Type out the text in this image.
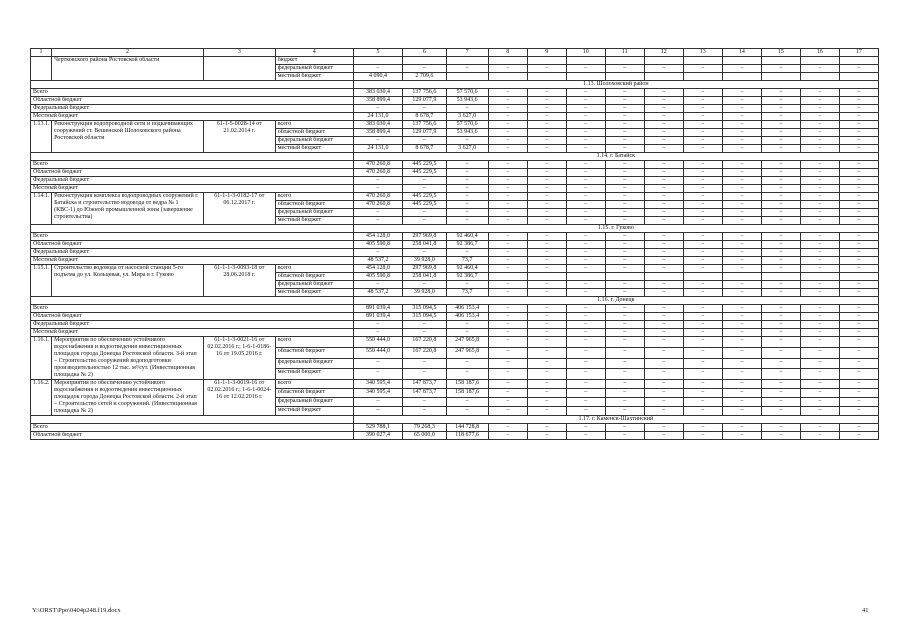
1	2	3	4	5	6	7	8	9	10	11	12	13	14	15	16	17
	Чертковского района Ростовской области		бюджет													
			федеральный бюджет	–	–	–	–	–	–	–	–	–	–	–	–	–
			местный бюджет	4 090,4	2 709,6											
				1.13. Шолоховский район												
Всего				383 030,4	137 756,6	57 570,6	–	–	–	–	–	–	–	–	–	–
Областной бюджет				358 899,4	129 077,9	53 943,6	–	–	–	–	–	–	–	–	–	–
Федеральный бюджет				–	–	–	–	–	–	–	–	–	–	–	–	–
Местный бюджет				24 131,0	8 678,7	3 627,0	–	–	–	–	–	–	–	–	–	–
1.13.1.	Реконструкция водопроводной сети и подкачивающих сооружений ст. Вешенской Шолоховского района Ростовской области	61-1-5-0028-14 от 21.02.2014 г.	всего	383 030,4	137 756,6	57 570,6	–	–	–	–	–	–	–	–	–	–
			областной бюджет	358 899,4	129 077,9	53 943,6	–	–	–	–	–	–	–	–	–	–
			федеральный бюджет	–	–	–	–	–	–	–	–	–	–	–	–	–
			местный бюджет	24 131,0	8 678,7	3 627,0	–	–	–	–	–	–	–	–	–	–
				1.14. г. Батайск												
Всего				470 260,8	445 229,5	–	–	–	–	–	–	–	–	–	–	–
Областной бюджет				470 260,8	445 229,5	–	–	–	–	–	–	–	–	–	–	–
Федеральный бюджет				–	–	–	–	–	–	–	–	–	–	–	–	–
Местный бюджет				–	–	–	–	–	–	–	–	–	–	–	–	–
1.14.1.	Реконструкция комплекса водопроводных сооружений г. Батайска и строительство водовода от ведра № 1 (КВС-1) до Южной промышленной зоны (завершение строительства)	61-1-1-3-0182-17 от 06.12.2017 г.	всего	470 260,8	445 229,5	–	–	–	–	–	–	–	–	–	–	–
			областной бюджет	470 260,8	445 229,5	–	–	–	–	–	–	–	–	–	–	–
			федеральный бюджет	–	–	–	–	–	–	–	–	–	–	–	–	–
			местный бюджет	–	–	–	–	–	–	–	–	–	–	–	–	–
				1.15. г. Гуково												
Всего				454 128,0	297 969,8	92 460,4	–	–	–	–	–	–	–	–	–	–
Областной бюджет				405 590,8	258 041,8	92 386,7	–	–	–	–	–	–	–	–	–	–
Федеральный бюджет				–	–	–	–	–	–	–	–	–	–	–	–	–
Местный бюджет				48 537,2	39 928,0	73,7	–	–	–	–	–	–	–	–	–	–
1.15.1.	Строительство водовода от насосной станции 5-го подъема до ул. Кольцевая, ул. Мира в г. Гуково	61-1-1-3-0093-18 от 28.06.2018 г.	всего	454 128,0	297 969,8	92 460,4	–	–	–	–	–	–	–	–	–	–
			областной бюджет	405 590,8	258 041,8	92 386,7										
			федеральный бюджет	–	–	–	–	–	–	–	–	–	–	–	–	–
			местный бюджет	48 537,2	39 928,0	73,7	–	–	–	–	–	–	–	–	–	–
				1.16. г. Донецк												
Всего				891 039,4	315 094,5	406 153,4	–	–	–	–	–	–	–	–	–	–
Областной бюджет				891 039,4	315 094,5	406 153,4	–	–	–	–	–	–	–	–	–	–
Федеральный бюджет				–	–	–	–	–	–	–	–	–	–	–	–	–
Местный бюджет				–	–	–	–	–	–	–	–	–	–	–	–	–
1.16.1.	Мероприятия по обеспечению устойчивого водоснабжения и водоотведения инвестиционных площадок города Донецка Ростовской области. 3-й этап – Строительство сооружений водоподготовки производительностью 12 тыс. м³/сут. (Инвестиционная площадка № 2)	61-1-1-3-0021-16 от 02.02.2016 г.; 1-6-1-0186-16 от 19.05.2016 г.	всего	550 444,0	167 220,8	247 965,8	–	–	–	–	–	–	–	–	–	–
			областной бюджет	550 444,0	167 220,8	247 965,8	–	–	–	–	–	–	–	–	–	–
			федеральный бюджет	–	–	–	–	–	–	–	–	–	–	–	–	–
			местный бюджет	–	–	–	–	–	–	–	–	–	–	–	–	–
1.16.2.	Мероприятия по обеспечению устойчивого водоснабжения и водоотведения инвестиционных площадок города Донецка Ростовской области. 2-й этап – Строительство сетей и сооружений. (Инвестиционная площадка № 2)	61-1-1-3-0019-16 от 02.02.2016 г.; 1-6-1-0024-16 от 12.02.2016 г.	всего	340 595,4	147 873,7	158 187,6	–	–	–	–	–	–	–	–	–	–
			областной бюджет	340 595,4	147 873,7	158 187,6	–	–	–	–	–	–	–	–	–	–
			федеральный бюджет	–	–	–	–	–	–	–	–	–	–	–	–	–
			местный бюджет	–	–	–	–	–	–	–	–	–	–	–	–	–
				1.17. г. Каменск-Шахтинский												
Всего				529 788,1	79 268,3	144 728,8	–	–	–	–	–	–	–	–	–	–
Областной бюджет				390 027,4	65 000,0	118 677,6	–	–	–	–	–	–	–	–	–	–
Y:\ORST\Ppo\0404p248.f19.docx	41
